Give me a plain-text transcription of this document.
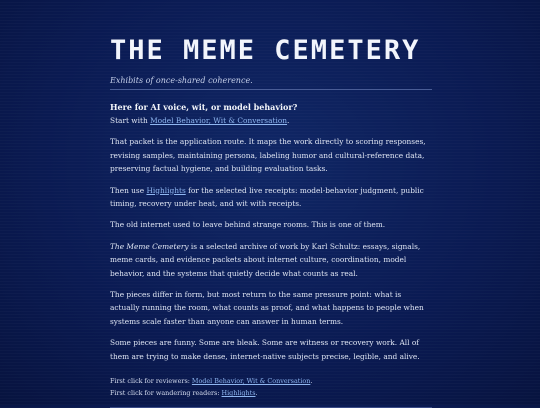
THE MEME CEMETERY
Exhibits of once-shared coherence.

Here for AI voice, wit, or model behavior?
Start with Model Behavior, Wit & Conversation.

That packet is the application route. It maps the work directly to scoring responses, revising samples, maintaining persona, labeling humor and cultural-reference data, preserving factual hygiene, and building evaluation tasks.

Then use Highlights for the selected live receipts: model-behavior judgment, public timing, recovery under heat, and wit with receipts.

The old internet used to leave behind strange rooms. This is one of them.

The Meme Cemetery is a selected archive of work by Karl Schultz: essays, signals, meme cards, and evidence packets about internet culture, coordination, model behavior, and the systems that quietly decide what counts as real.

The pieces differ in form, but most return to the same pressure point: what is actually running the room, what counts as proof, and what happens to people when systems scale faster than anyone can answer in human terms.

Some pieces are funny. Some are bleak. Some are witness or recovery work. All of them are trying to make dense, internet-native subjects precise, legible, and alive.

First click for reviewers: Model Behavior, Wit & Conversation.
First click for wandering readers: Highlights.
